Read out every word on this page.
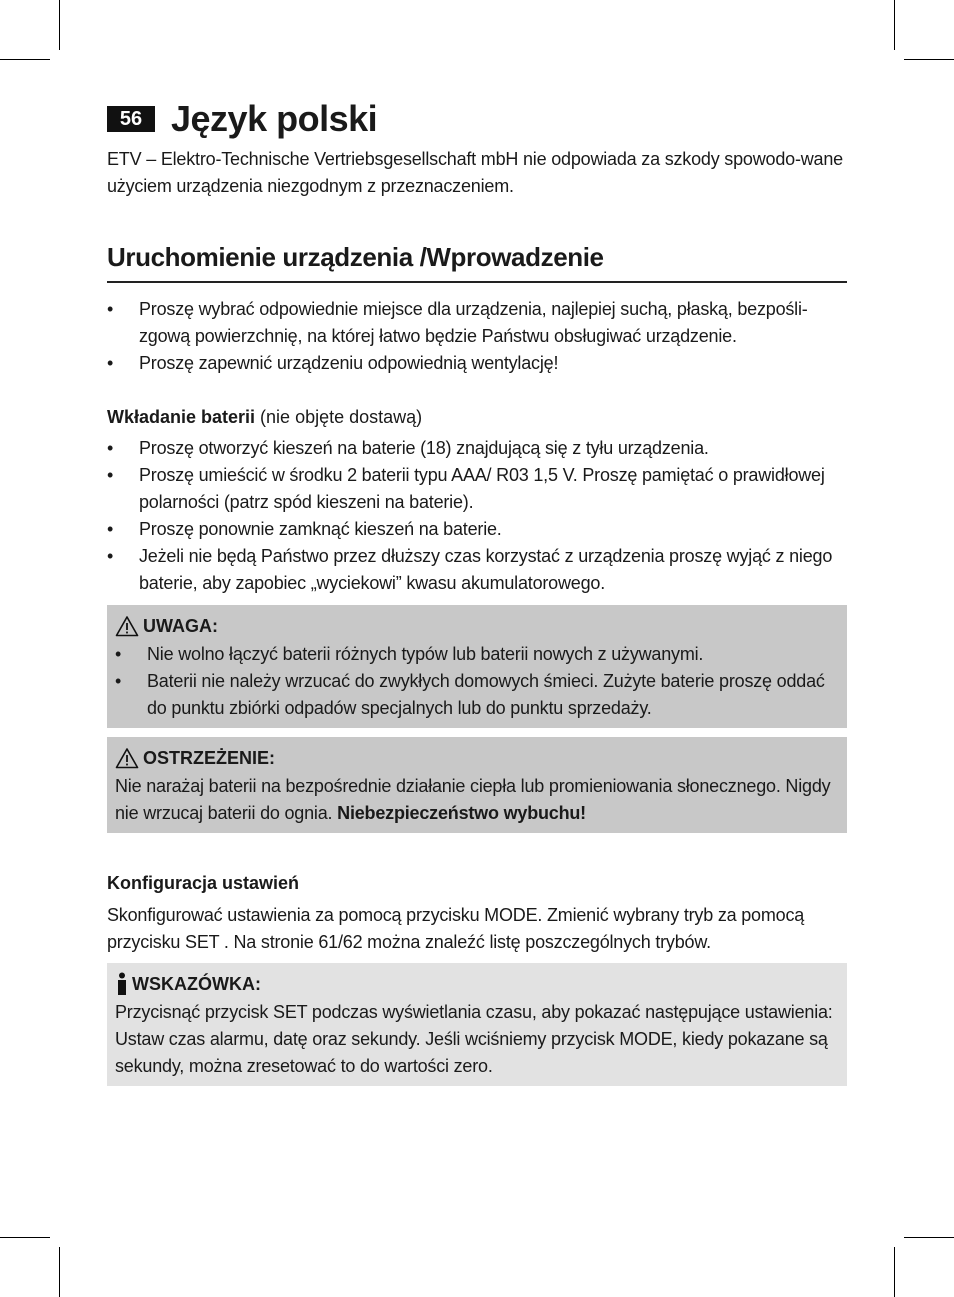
56 Język polski

ETV – Elektro-Technische Vertriebsgesellschaft mbH nie odpowiada za szkody spowodo-wane użyciem urządzenia niezgodnym z przeznaczeniem.

Uruchomienie urządzenia /Wprowadzenie
• Proszę wybrać odpowiednie miejsce dla urządzenia, najlepiej suchą, płaską, bezpośli-zgową powierzchnię, na której łatwo będzie Państwu obsługiwać urządzenie.
• Proszę zapewnić urządzeniu odpowiednią wentylację!
Wkładanie baterii (nie objęte dostawą)
• Proszę otworzyć kieszeń na baterie (18) znajdującą się z tyłu urządzenia.
• Proszę umieścić w środku 2 baterii typu AAA/ R03 1,5 V. Proszę pamiętać o prawidłowej polarności (patrz spód kieszeni na baterie).
• Proszę ponownie zamknąć kieszeń na baterie.
• Jeżeli nie będą Państwo przez dłuższy czas korzystać z urządzenia proszę wyjąć z niego baterie, aby zapobiec „wyciekowi” kwasu akumulatorowego.
UWAGA:
• Nie wolno łączyć baterii różnych typów lub baterii nowych z używanymi.
• Baterii nie należy wrzucać do zwykłych domowych śmieci. Zużyte baterie proszę oddać do punktu zbiórki odpadów specjalnych lub do punktu sprzedaży.
OSTRZEŻENIE:

Nie narażaj baterii na bezpośrednie działanie ciepła lub promieniowania słonecznego. Nigdy nie wrzucaj baterii do ognia. Niebezpieczeństwo wybuchu!

Konfiguracja ustawień

Skonfigurować ustawienia za pomocą przycisku MODE. Zmienić wybrany tryb za pomocą przycisku SET . Na stronie 61/62 można znaleźć listę poszczególnych trybów.

WSKAZÓWKA:

Przycisnąć przycisk SET podczas wyświetlania czasu, aby pokazać następujące ustawienia: Ustaw czas alarmu, datę oraz sekundy. Jeśli wciśniemy przycisk MODE, kiedy pokazane są sekundy, można zresetować to do wartości zero.
